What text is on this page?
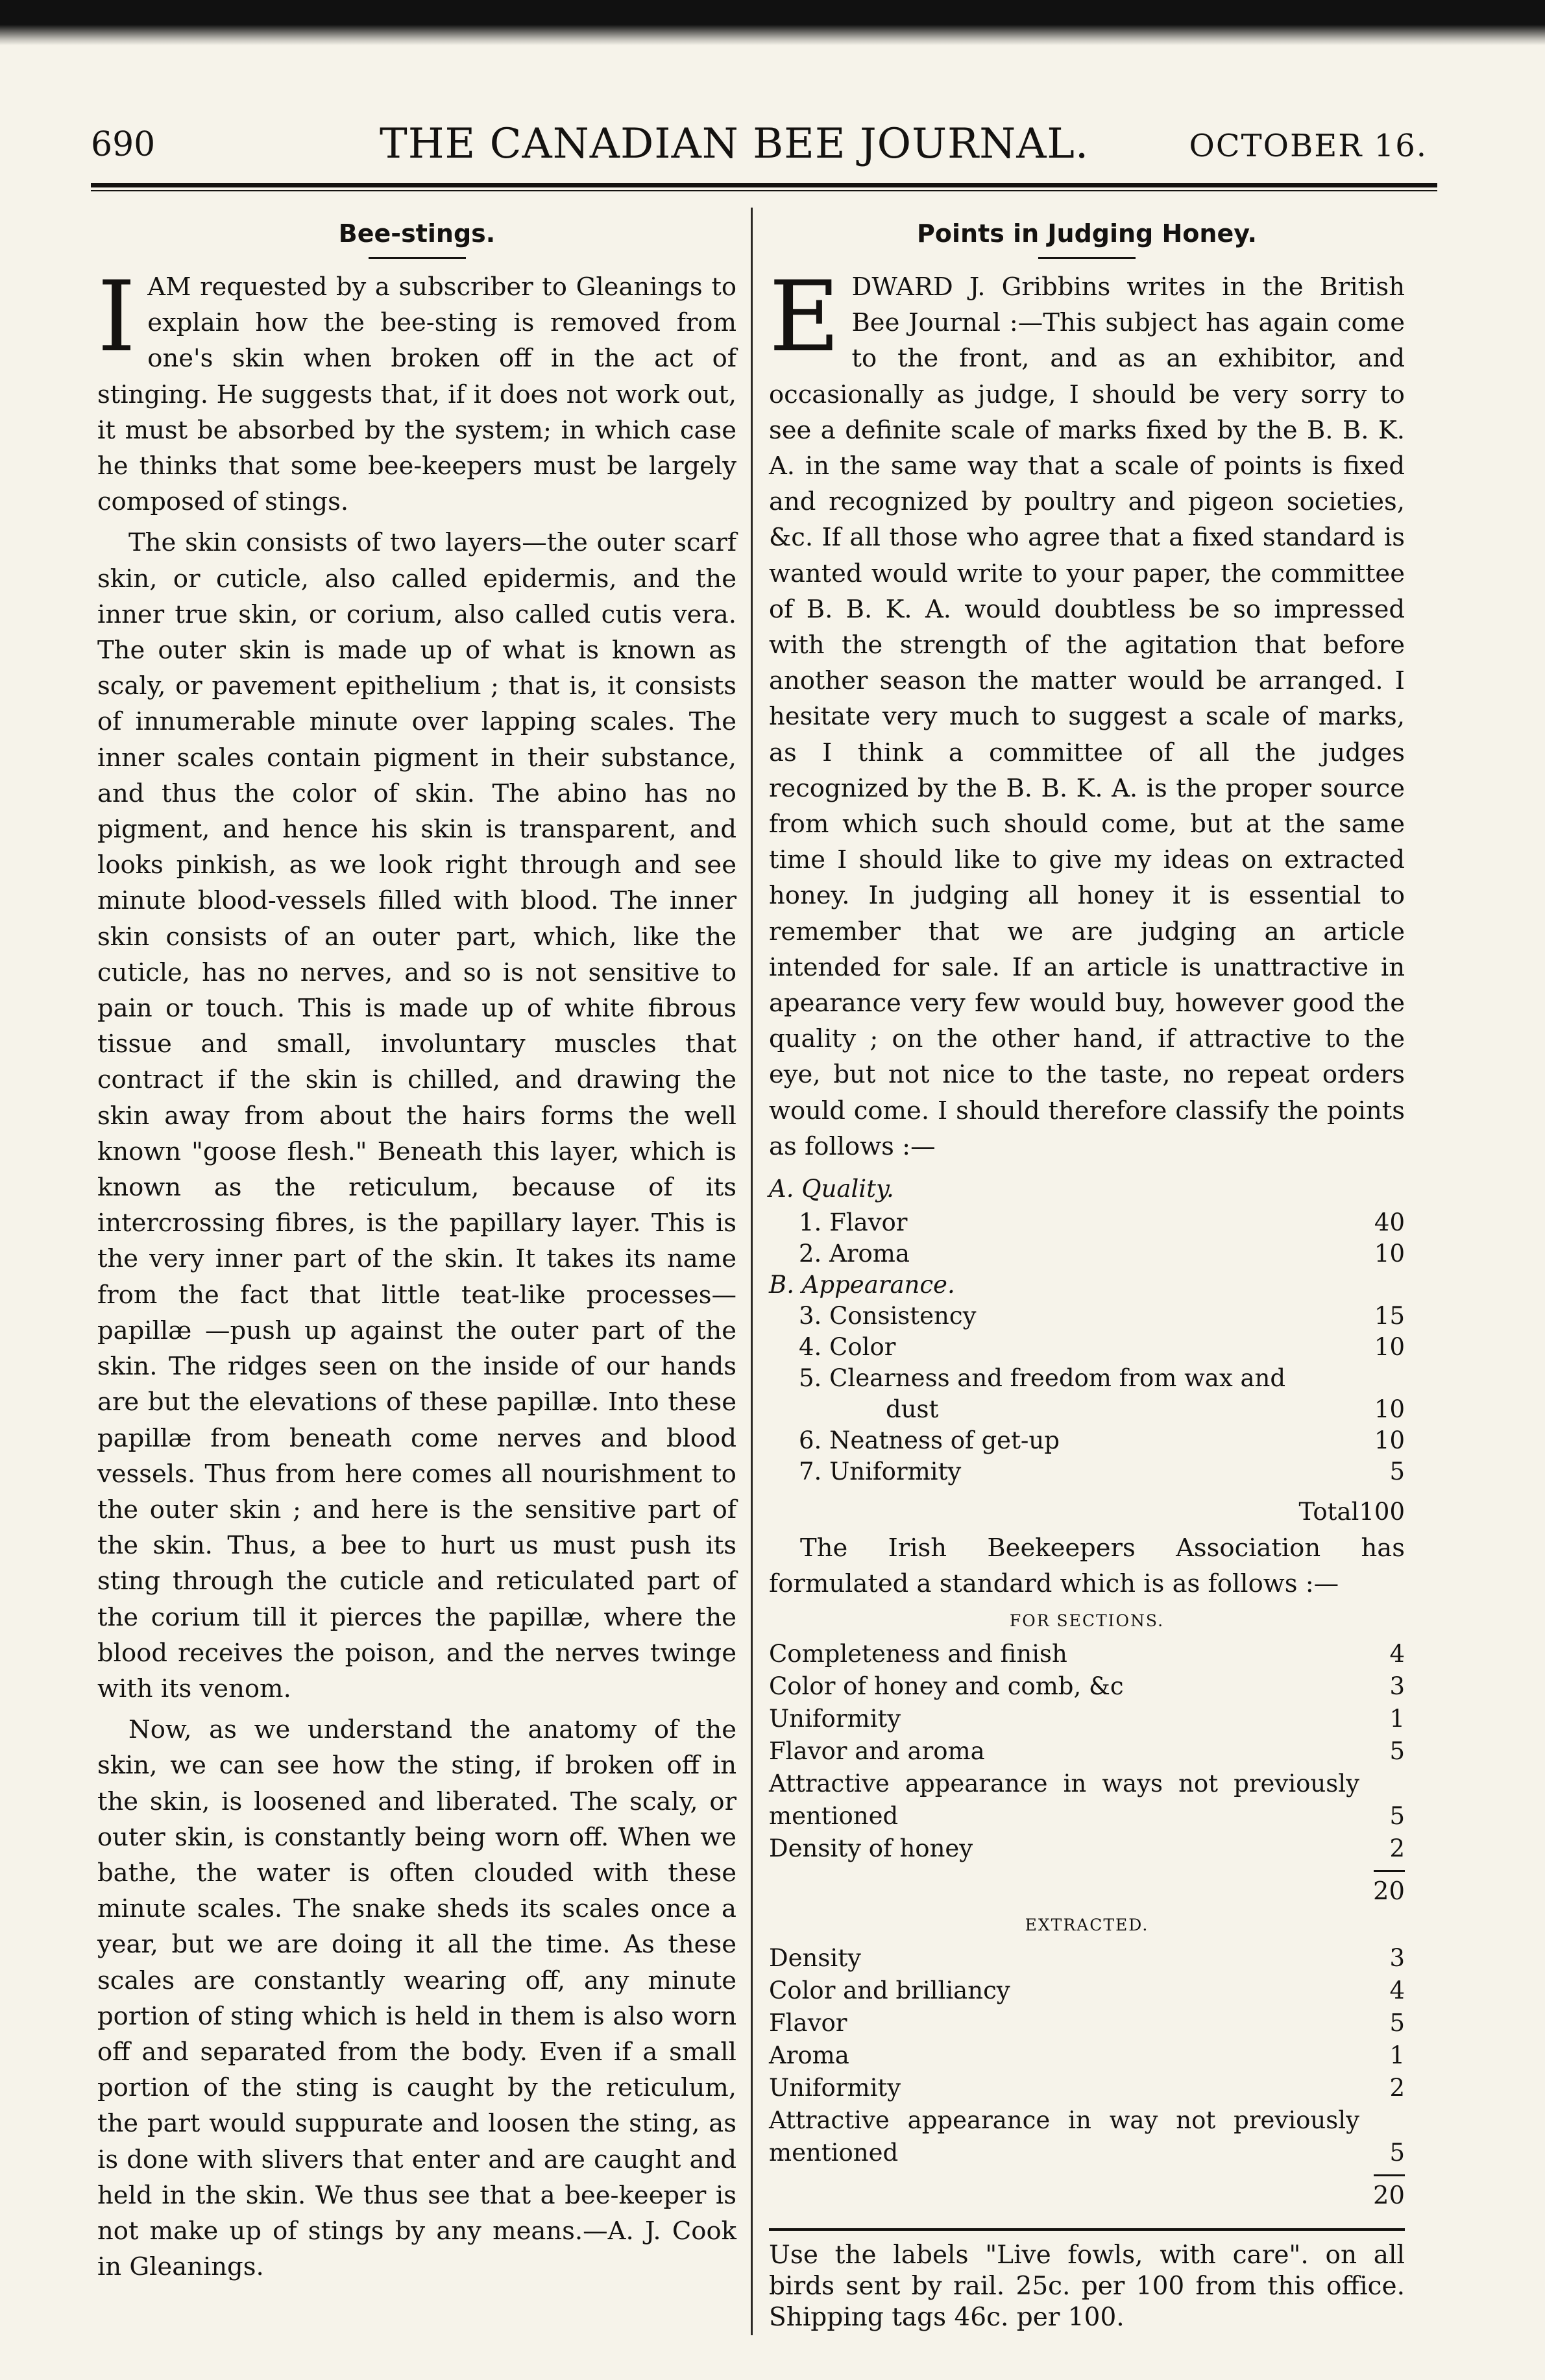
690	THE CANADIAN BEE JOURNAL.	OCTOBER 16.
Bee-stings.

IAM requested by a subscriber to Gleanings to explain how the bee-sting is removed from one's skin when broken off in the act of stinging. He suggests that, if it does not work out, it must be absorbed by the system; in which case he thinks that some bee-keepers must be largely composed of stings.

The skin consists of two layers—the outer scarf skin, or cuticle, also called epidermis, and the inner true skin, or corium, also called cutis vera. The outer skin is made up of what is known as scaly, or pavement epithelium ; that is, it consists of innumerable minute over lapping scales. The inner scales contain pigment in their substance, and thus the color of skin. The abino has no pigment, and hence his skin is transparent, and looks pinkish, as we look right through and see minute blood-vessels filled with blood. The inner skin consists of an outer part, which, like the cuticle, has no nerves, and so is not sensitive to pain or touch. This is made up of white fibrous tissue and small, involuntary muscles that contract if the skin is chilled, and drawing the skin away from about the hairs forms the well known "goose flesh." Beneath this layer, which is known as the reticulum, because of its intercrossing fibres, is the papillary layer. This is the very inner part of the skin. It takes its name from the fact that little teat-like processes—papillæ —push up against the outer part of the skin. The ridges seen on the inside of our hands are but the elevations of these papillæ. Into these papillæ from beneath come nerves and blood vessels. Thus from here comes all nourishment to the outer skin ; and here is the sensitive part of the skin. Thus, a bee to hurt us must push its sting through the cuticle and reticulated part of the corium till it pierces the papillæ, where the blood receives the poison, and the nerves twinge with its venom.

Now, as we understand the anatomy of the skin, we can see how the sting, if broken off in the skin, is loosened and liberated. The scaly, or outer skin, is constantly being worn off. When we bathe, the water is often clouded with these minute scales. The snake sheds its scales once a year, but we are doing it all the time. As these scales are constantly wearing off, any minute portion of sting which is held in them is also worn off and separated from the body. Even if a small portion of the sting is caught by the reticulum, the part would suppurate and loosen the sting, as is done with slivers that enter and are caught and held in the skin. We thus see that a bee-keeper is not make up of stings by any means.—A. J. Cook in Gleanings.

Points in Judging Honey.

EDWARD J. Gribbins writes in the British Bee Journal :—This subject has again come to the front, and as an exhibitor, and occasionally as judge, I should be very sorry to see a definite scale of marks fixed by the B. B. K. A. in the same way that a scale of points is fixed and recognized by poultry and pigeon societies, &c. If all those who agree that a fixed standard is wanted would write to your paper, the committee of B. B. K. A. would doubtless be so impressed with the strength of the agitation that before another season the matter would be arranged. I hesitate very much to suggest a scale of marks, as I think a committee of all the judges recognized by the B. B. K. A. is the proper source from which such should come, but at the same time I should like to give my ideas on extracted honey. In judging all honey it is essential to remember that we are judging an article intended for sale. If an article is unattractive in apearance very few would buy, however good the quality ; on the other hand, if attractive to the eye, but not nice to the taste, no repeat orders would come. I should therefore classify the points as follows :—

A. Quality.
1. Flavor	40
2. Aroma	10
B. Appearance.	
3. Consistency	15
4. Color	10
5. Clearness and freedom from wax and	
dust	10
6. Neatness of get-up	10
7. Uniformity	5
Total	100

The Irish Beekeepers Association has formulated a standard which is as follows :—

FOR SECTIONS.
Completeness and finish	4
Color of honey and comb, &c	3
Uniformity	1
Flavor and aroma	5
Attractive appearance in ways not previously mentioned	5
Density of honey	2

20

EXTRACTED.
Density	3
Color and brilliancy	4
Flavor	5
Aroma	1
Uniformity	2
Attractive appearance in way not previously mentioned	5

20

Use the labels "Live fowls, with care". on all birds sent by rail. 25c. per 100 from this office. Shipping tags 46c. per 100.
